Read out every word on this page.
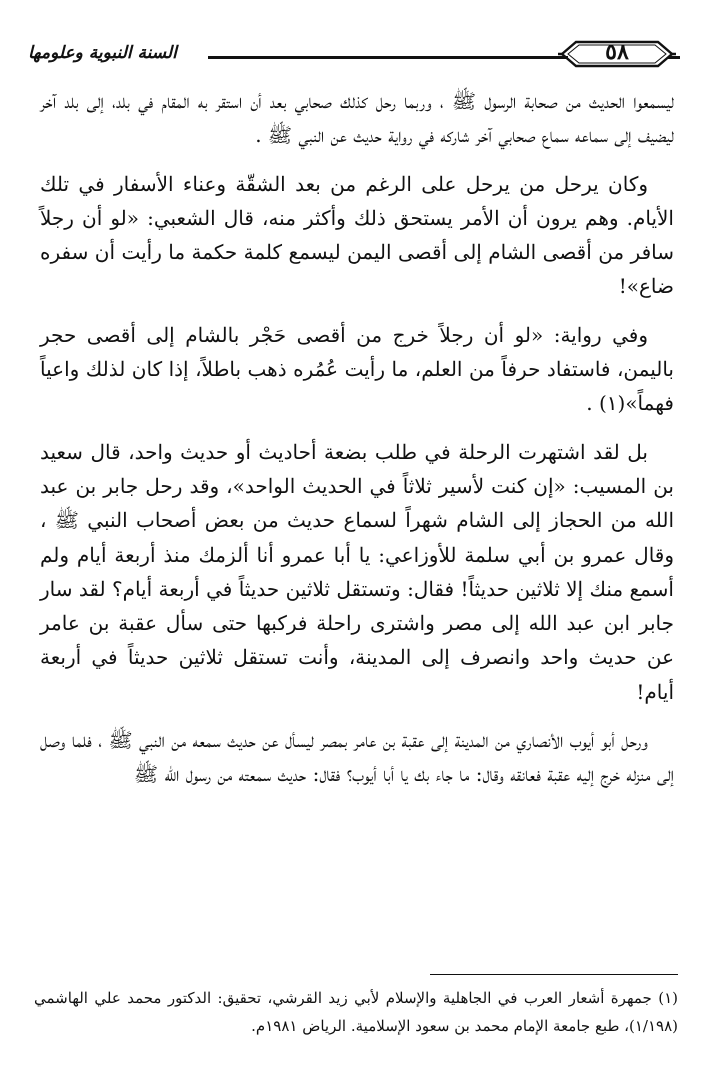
السنة النبوية وعلومها	٥٨

ليسمعوا الحديث من صحابة الرسول ﷺ ، وربما رحل كذلك صحابي بعد أن استقر به المقام في بلد، إلى بلد آخر ليضيف إلى سماعه سماع صحابي آخر شاركه في رواية حديث عن النبي ﷺ .

وكان يرحل من يرحل على الرغم من بعد الشقّة وعناء الأسفار في تلك الأيام. وهم يرون أن الأمر يستحق ذلك وأكثر منه، قال الشعبي: «لو أن رجلاً سافر من أقصى الشام إلى أقصى اليمن ليسمع كلمة حكمة ما رأيت أن سفره ضاع»!

وفي رواية: «لو أن رجلاً خرج من أقصى حَجْر بالشام إلى أقصى حجر باليمن، فاستفاد حرفاً من العلم، ما رأيت عُمُره ذهب باطلاً، إذا كان لذلك واعياً فهماً»(١) .

بل لقد اشتهرت الرحلة في طلب بضعة أحاديث أو حديث واحد، قال سعيد بن المسيب: «إن كنت لأسير ثلاثاً في الحديث الواحد»، وقد رحل جابر بن عبد الله من الحجاز إلى الشام شهراً لسماع حديث من بعض أصحاب النبي ﷺ ، وقال عمرو بن أبي سلمة للأوزاعي: يا أبا عمرو أنا ألزمك منذ أربعة أيام ولم أسمع منك إلا ثلاثين حديثاً! فقال: وتستقل ثلاثين حديثاً في أربعة أيام؟ لقد سار جابر ابن عبد الله إلى مصر واشترى راحلة فركبها حتى سأل عقبة بن عامر عن حديث واحد وانصرف إلى المدينة، وأنت تستقل ثلاثين حديثاً في أربعة أيام!

ورحل أبو أيوب الأنصاري من المدينة إلى عقبة بن عامر بمصر ليسأل عن حديث سمعه من النبي ﷺ ، فلما وصل إلى منزله خرج إليه عقبة فعانقه وقال: ما جاء بك يا أبا أيوب؟ فقال: حديث سمعته من رسول الله ﷺ

(١) جمهرة أشعار العرب في الجاهلية والإسلام لأبي زيد القرشي، تحقيق: الدكتور محمد علي الهاشمي (١/١٩٨)، طبع جامعة الإمام محمد بن سعود الإسلامية. الرياض ١٩٨١م.
